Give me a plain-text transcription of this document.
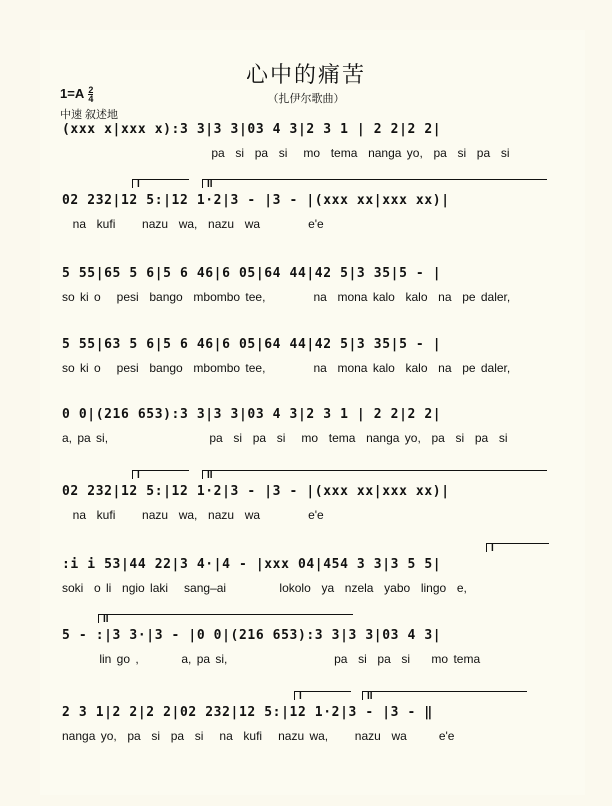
心中的痛苦
（扎伊尔歌曲）
$1=A \frac{2}{4}$
中速 叙述地
(xxx x|xxx x):3 3|3 3|03 4 3|2 3 1 | 2 2|2 2|
pa  si  pa  si   mo  tema  nanga yo,  pa  si  pa  si
I	II
02 232|12 5:|12 1·2|3 - |3 - |(xxx xx|xxx xx)|
na  kufi     nazu  wa,  nazu  wa         e'e
5 55|65 5 6|5 6 46|6 05|64 44|42 5|3 35|5 - |
so ki o   pesi  bango  mbombo tee,         na  mona kalo  kalo  na  pe daler,
5 55|63 5 6|5 6 46|6 05|64 44|42 5|3 35|5 - |
so ki o   pesi  bango  mbombo tee,         na  mona kalo  kalo  na  pe daler,
0 0|(216 653):3 3|3 3|03 4 3|2 3 1 | 2 2|2 2|
a, pa si,                   pa  si  pa  si   mo  tema  nanga yo,  pa  si  pa  si
I	II
02 232|12 5:|12 1·2|3 - |3 - |(xxx xx|xxx xx)|
na  kufi     nazu  wa,  nazu  wa         e'e
I
:i i 53|44 22|3 4·|4 - |xxx 04|454 3 3|3 5 5|
soki  o li  ngio laki   sang–ai          lokolo  ya  nzela  yabo  lingo  e,
II
5 - :|3 3·|3 - |0 0|(216 653):3 3|3 3|03 4 3|
lin go ,        a, pa si,                    pa  si  pa  si    mo tema
I	II
2 3 1|2 2|2 2|02 232|12 5:|12 1·2|3 - |3 - ‖
nanga yo,  pa  si  pa  si   na  kufi   nazu wa,     nazu  wa      e'e
